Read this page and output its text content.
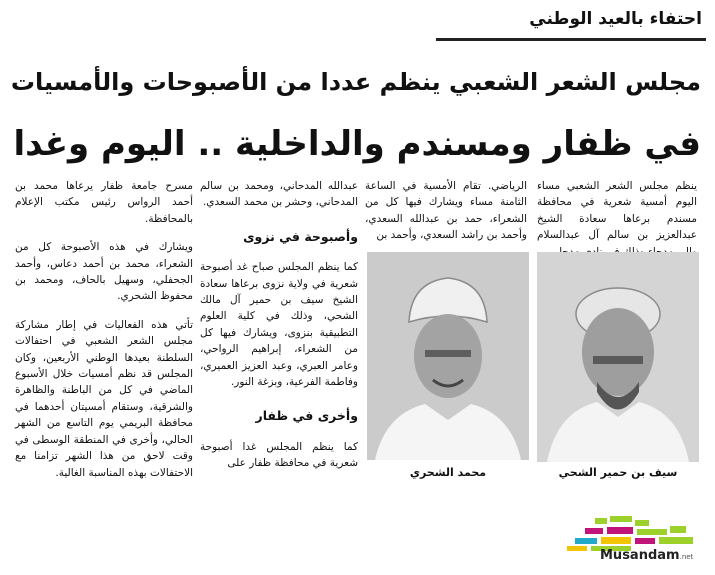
احتفاء بالعيد الوطني
مجلس الشعر الشعبي ينظم عددا من الأصبوحات والأمسيات
في ظفار ومسندم والداخلية .. اليوم وغدا

ينظم مجلس الشعر الشعبي مساء اليوم أمسية شعرية في محافظة مسندم برعاها سعادة الشيخ عبدالعزيز بن سالم آل عبدالسلام

الرياضي. تقام الأمسية في الساعة الثامنة مساء ويشارك فيها كل من الشعراء، حمد بن عبدالله السعدي، وأحمد بن راشد السعدي، وأحمد بن

عبدالله المدحاني، ومحمد بن سالم المدحاني، وحشر بن محمد السعدي.

وأصبوحة في نزوى

كما ينظم المجلس صباح غد أصبوحة شعرية في ولاية نزوى برعاها سعادة الشيخ سيف بن حمير آل مالك الشحي، وذلك في كلية العلوم التطبيقية بنزوى، ويشارك فيها كل من الشعراء، إبراهيم الرواحي، وعامر العبري، وعبد العزيز العميري، وفاطمة الفرعية، وبزغة النور.

وأخرى في ظفار

كما ينظم المجلس غدا أصبوحة شعرية في محافظة ظفار على

مسرح جامعة ظفار يرعاها محمد بن أحمد الرواس رئيس مكتب الإعلام بالمحافظة.

ويشارك في هذه الأصبوحة كل من الشعراء، محمد بن أحمد دعاس، وأحمد الجحفلي، وسهيل بالحاف، ومحمد بن محفوظ الشحري.

تأتي هذه الفعاليات في إطار مشاركة مجلس الشعر الشعبي في احتفالات السلطنة بعيدها الوطني الأربعين، وكان المجلس قد نظم أمسيات خلال الأسبوع الماضي في كل من الباطنة والظاهرة والشرقية، وستقام أمسيتان أحدهما في محافظة البريمي يوم التاسع من الشهر الحالي، وأخرى في المنطقة الوسطى في وقت لاحق من هذا الشهر تزامنا مع الاحتفالات بهذه المناسبة الغالية.	سيف بن حمير الشحي
محمد الشحري
Musandam.net
